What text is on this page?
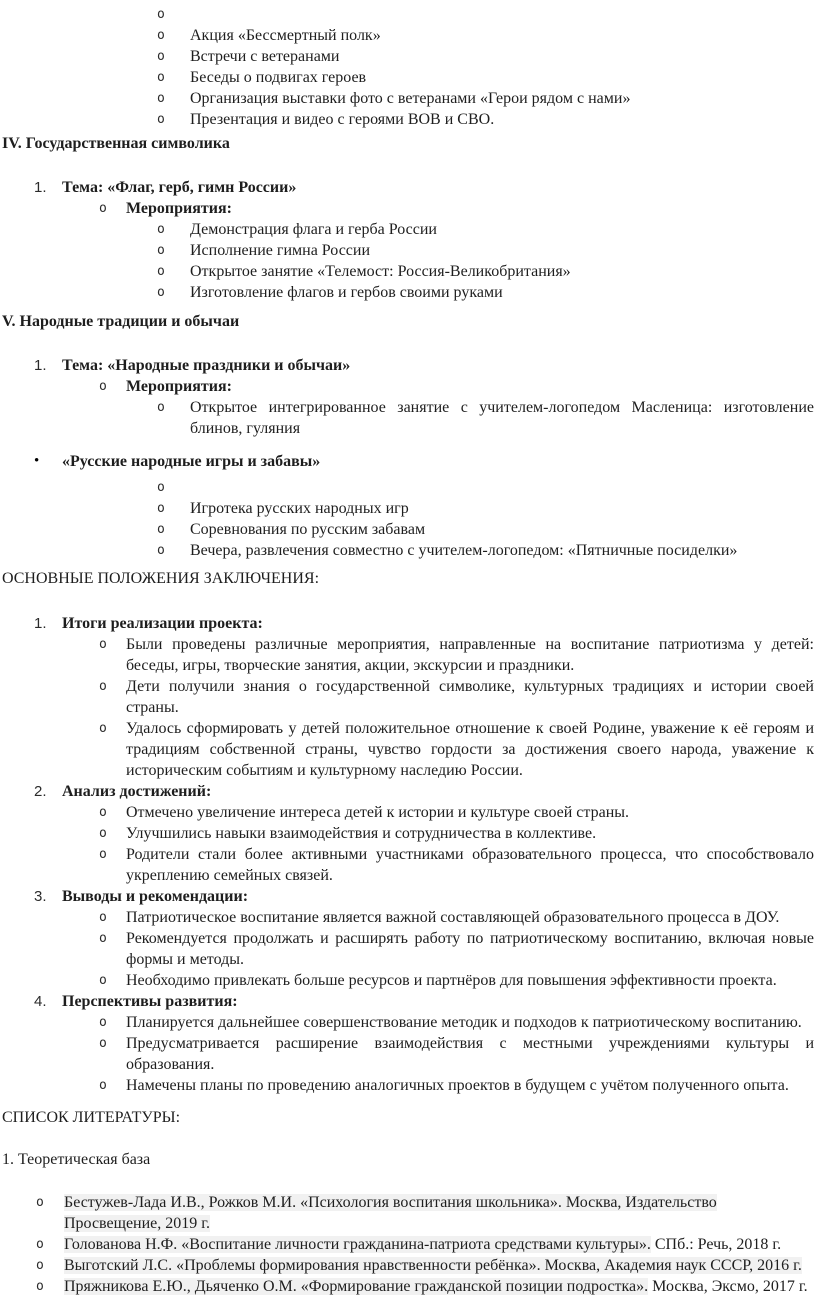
o
o	Акция «Бессмертный полк»
o	Встречи с ветеранами
o	Беседы о подвигах героев
o	Организация выставки фото с ветеранами «Герои рядом с нами»
o	Презентация и видео с героями ВОВ и СВО.
IV. Государственная символика
1. Тема: «Флаг, герб, гимн России»
o	Мероприятия:
o	Демонстрация флага и герба России
o	Исполнение гимна России
o	Открытое занятие «Телемост: Россия-Великобритания»
o	Изготовление флагов и гербов своими руками
V. Народные традиции и обычаи
1. Тема: «Народные праздники и обычаи»
o	Мероприятия:
o	Открытое интегрированное занятие с учителем-логопедом Масленица: изготовление блинов, гуляния
•	«Русские народные игры и забавы»
o
o	Игротека русских народных игр
o	Соревнования по русским забавам
o	Вечера, развлечения совместно с учителем-логопедом: «Пятничные посиделки»
ОСНОВНЫЕ ПОЛОЖЕНИЯ ЗАКЛЮЧЕНИЯ:
1. Итоги реализации проекта:
o	Были проведены различные мероприятия, направленные на воспитание патриотизма у детей: беседы, игры, творческие занятия, акции, экскурсии и праздники.
o	Дети получили знания о государственной символике, культурных традициях и истории своей страны.
o	Удалось сформировать у детей положительное отношение к своей Родине, уважение к её героям и традициям собственной страны, чувство гордости за достижения своего народа, уважение к историческим событиям и культурному наследию России.
2. Анализ достижений:
o	Отмечено увеличение интереса детей к истории и культуре своей страны.
o	Улучшились навыки взаимодействия и сотрудничества в коллективе.
o	Родители стали более активными участниками образовательного процесса, что способствовало укреплению семейных связей.
3. Выводы и рекомендации:
o	Патриотическое воспитание является важной составляющей образовательного процесса в ДОУ.
o	Рекомендуется продолжать и расширять работу по патриотическому воспитанию, включая новые формы и методы.
o	Необходимо привлекать больше ресурсов и партнёров для повышения эффективности проекта.
4. Перспективы развития:
o	Планируется дальнейшее совершенствование методик и подходов к патриотическому воспитанию.
o	Предусматривается расширение взаимодействия с местными учреждениями культуры и образования.
o	Намечены планы по проведению аналогичных проектов в будущем с учётом полученного опыта.
СПИСОК ЛИТЕРАТУРЫ:
1. Теоретическая база
o	Бестужев-Лада И.В., Рожков М.И. «Психология воспитания школьника». Москва, Издательство Просвещение, 2019 г.
o	Голованова Н.Ф. «Воспитание личности гражданина-патриота средствами культуры». СПб.: Речь, 2018 г.
o	Выготский Л.С. «Проблемы формирования нравственности ребёнка». Москва, Академия наук СССР, 2016 г.
o	Пряжникова Е.Ю., Дьяченко О.М. «Формирование гражданской позиции подростка». Москва, Эксмо, 2017 г.
